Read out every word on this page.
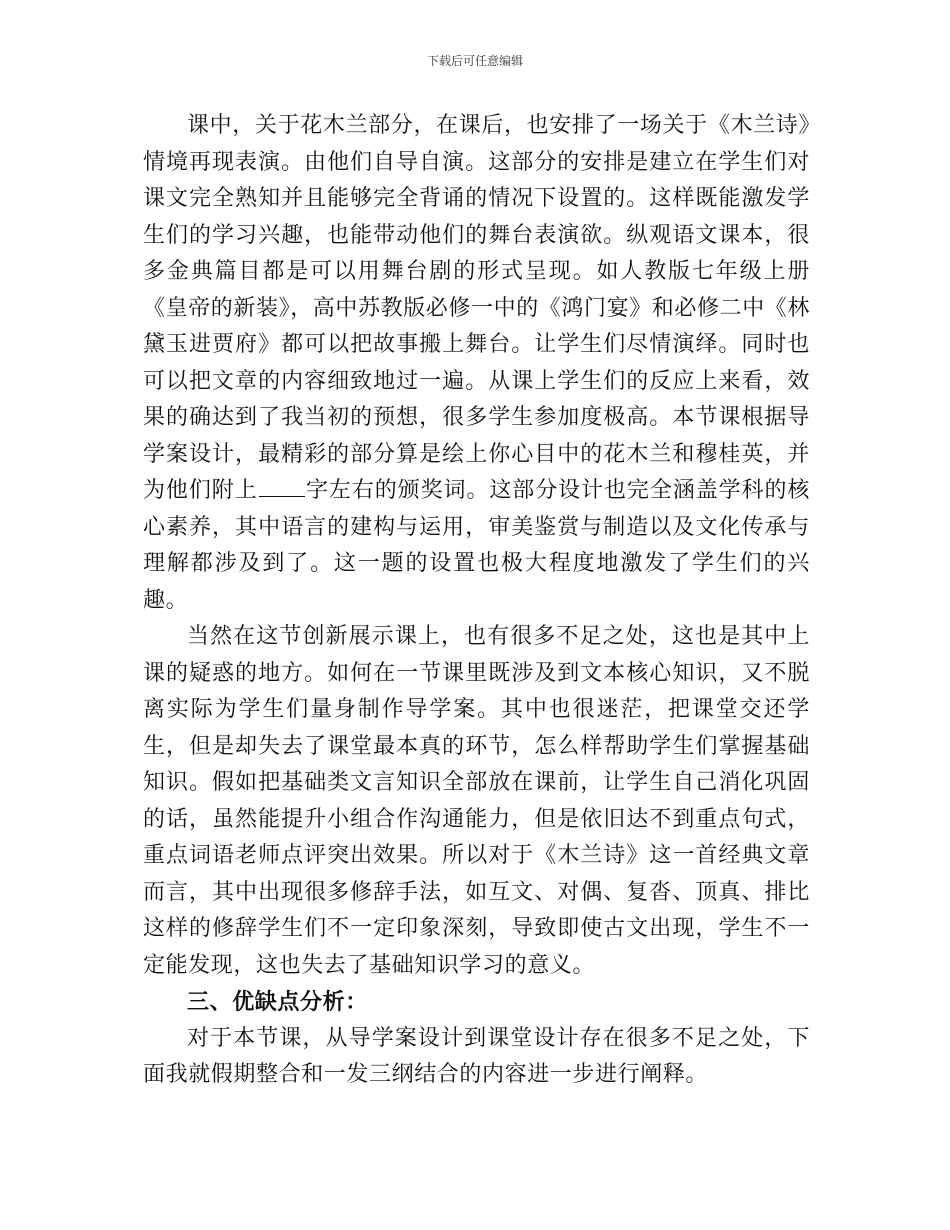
下载后可任意编辑

课中，关于花木兰部分，在课后，也安排了一场关于《木兰诗》情境再现表演。由他们自导自演。这部分的安排是建立在学生们对课文完全熟知并且能够完全背诵的情况下设置的。这样既能激发学生们的学习兴趣，也能带动他们的舞台表演欲。纵观语文课本，很多金典篇目都是可以用舞台剧的形式呈现。如人教版七年级上册《皇帝的新装》，高中苏教版必修一中的《鸿门宴》和必修二中《林黛玉进贾府》都可以把故事搬上舞台。让学生们尽情演绎。同时也可以把文章的内容细致地过一遍。从课上学生们的反应上来看，效果的确达到了我当初的预想，很多学生参加度极高。本节课根据导学案设计，最精彩的部分算是绘上你心目中的花木兰和穆桂英，并为他们附上 字左右的颁奖词。这部分设计也完全涵盖学科的核心素养，其中语言的建构与运用，审美鉴赏与制造以及文化传承与理解都涉及到了。这一题的设置也极大程度地激发了学生们的兴趣。

当然在这节创新展示课上，也有很多不足之处，这也是其中上课的疑惑的地方。如何在一节课里既涉及到文本核心知识，又不脱离实际为学生们量身制作导学案。其中也很迷茫，把课堂交还学生，但是却失去了课堂最本真的环节，怎么样帮助学生们掌握基础知识。假如把基础类文言知识全部放在课前，让学生自己消化巩固的话，虽然能提升小组合作沟通能力，但是依旧达不到重点句式，重点词语老师点评突出效果。所以对于《木兰诗》这一首经典文章而言，其中出现很多修辞手法，如互文、对偶、复沓、顶真、排比这样的修辞学生们不一定印象深刻，导致即使古文出现，学生不一定能发现，这也失去了基础知识学习的意义。

三、优缺点分析：

对于本节课，从导学案设计到课堂设计存在很多不足之处，下面我就假期整合和一发三纲结合的内容进一步进行阐释。
